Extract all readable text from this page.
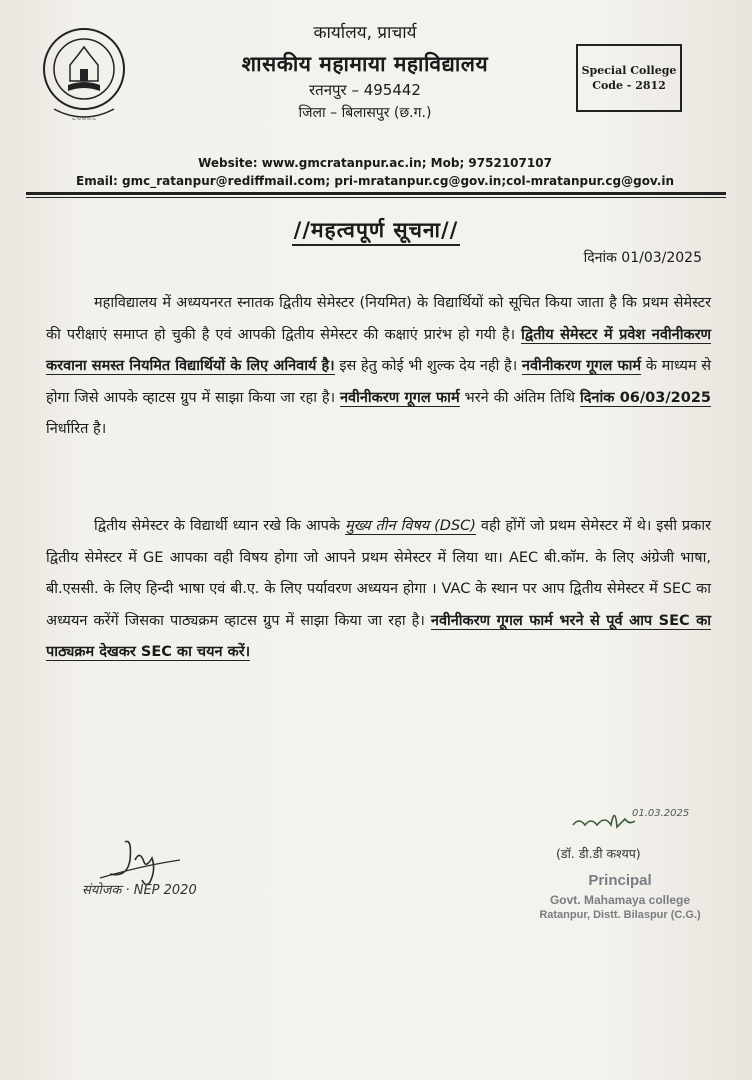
~~~~~
कार्यालय, प्राचार्य
शासकीय महामाया महाविद्यालय
रतनपुर – 495442
जिला – बिलासपुर (छ.ग.)
Special College
Code - 2812
Website: www.gmcratanpur.ac.in; Mob; 9752107107
Email: gmc_ratanpur@rediffmail.com; pri-mratanpur.cg@gov.in;col-mratanpur.cg@gov.in
//महत्वपूर्ण सूचना//
दिनांक 01/03/2025
महाविद्यालय में अध्ययनरत स्नातक द्वितीय सेमेस्टर (नियमित) के विद्यार्थियों को सूचित किया जाता है कि प्रथम सेमेस्टर की परीक्षाएं समाप्त हो चुकी है एवं आपकी द्वितीय सेमेस्टर की कक्षाएं प्रारंभ हो गयी है। द्वितीय सेमेस्टर में प्रवेश नवीनीकरण करवाना समस्त नियमित विद्यार्थियों के लिए अनिवार्य है। इस हेतु कोई भी शुल्क देय नही है। नवीनीकरण गूगल फार्म के माध्यम से होगा जिसे आपके व्हाटस ग्रुप में साझा किया जा रहा है। नवीनीकरण गूगल फार्म भरने की अंतिम तिथि दिनांक 06/03/2025 निर्धारित है।
द्वितीय सेमेस्टर के विद्यार्थी ध्यान रखे कि आपके मुख्य तीन विषय (DSC) वही होंगें जो प्रथम सेमेस्टर में थे। इसी प्रकार द्वितीय सेमेस्टर में GE आपका वही विषय होगा जो आपने प्रथम सेमेस्टर में लिया था। AEC बी.कॉम. के लिए अंग्रेजी भाषा, बी.एससी. के लिए हिन्दी भाषा एवं बी.ए. के लिए पर्यावरण अध्ययन होगा । VAC के स्थान पर आप द्वितीय सेमेस्टर में SEC का अध्ययन करेंगें जिसका पाठ्यक्रम व्हाटस ग्रुप में साझा किया जा रहा है। नवीनीकरण गूगल फार्म भरने से पूर्व आप SEC का पाठ्यक्रम देखकर SEC का चयन करें।
संयोजक · NEP 2020
01.03.2025
(डॉ. डी.डी कश्यप)
Principal
Govt. Mahamaya college
Ratanpur, Distt. Bilaspur (C.G.)
